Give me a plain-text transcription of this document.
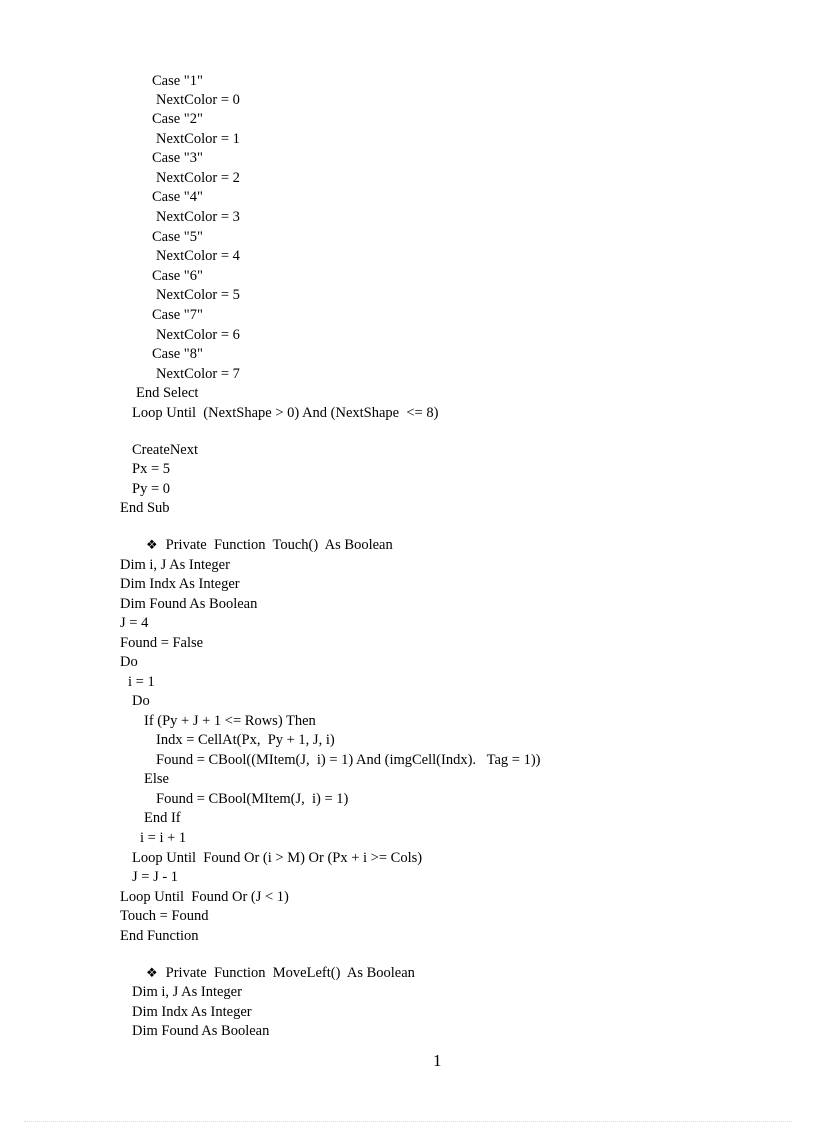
Case "1"
NextColor = 0
Case "2"
NextColor = 1
Case "3"
NextColor = 2
Case "4"
NextColor = 3
Case "5"
NextColor = 4
Case "6"
NextColor = 5
Case "7"
NextColor = 6
Case "8"
NextColor = 7
End Select
Loop Until  (NextShape > 0) And (NextShape  <= 8)
CreateNext
Px = 5
Py = 0
End Sub
❖ Private  Function  Touch()  As Boolean
Dim i, J As Integer
Dim Indx As Integer
Dim Found As Boolean
J = 4
Found = False
Do
i = 1
Do
If (Py + J + 1 <= Rows) Then
Indx = CellAt(Px,  Py + 1, J, i)
Found = CBool((MItem(J,  i) = 1) And (imgCell(Indx).   Tag = 1))
Else
Found = CBool(MItem(J,  i) = 1)
End If
i = i + 1
Loop Until  Found Or (i > M) Or (Px + i >= Cols)
J = J - 1
Loop Until  Found Or (J < 1)
Touch = Found
End Function
❖ Private  Function  MoveLeft()  As Boolean
Dim i, J As Integer
Dim Indx As Integer
Dim Found As Boolean
1
